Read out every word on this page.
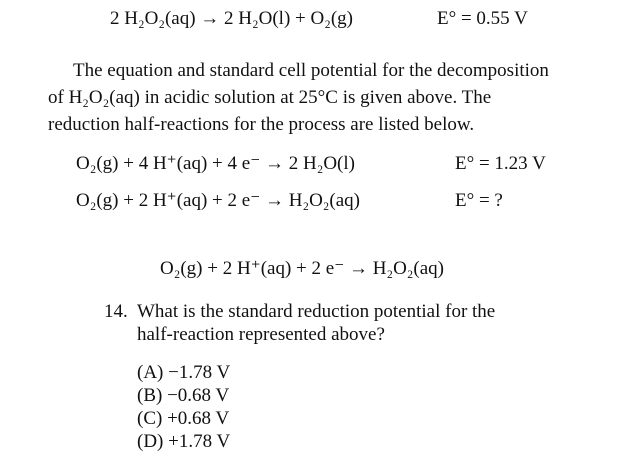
2 H₂O₂(aq) → 2 H₂O(l) + O₂(g)	E° = 0.55 V
The equation and standard cell potential for the decomposition
of H₂O₂(aq) in acidic solution at 25°C is given above. The
reduction half-reactions for the process are listed below.
O₂(g) + 4 H⁺(aq) + 4 e⁻ → 2 H₂O(l)	E° = 1.23 V
O₂(g) + 2 H⁺(aq) + 2 e⁻ → H₂O₂(aq)	E° = ?
O₂(g) + 2 H⁺(aq) + 2 e⁻ → H₂O₂(aq)
14. What is the standard reduction potential for the
half-reaction represented above?
(A) −1.78 V
(B) −0.68 V
(C) +0.68 V
(D) +1.78 V
